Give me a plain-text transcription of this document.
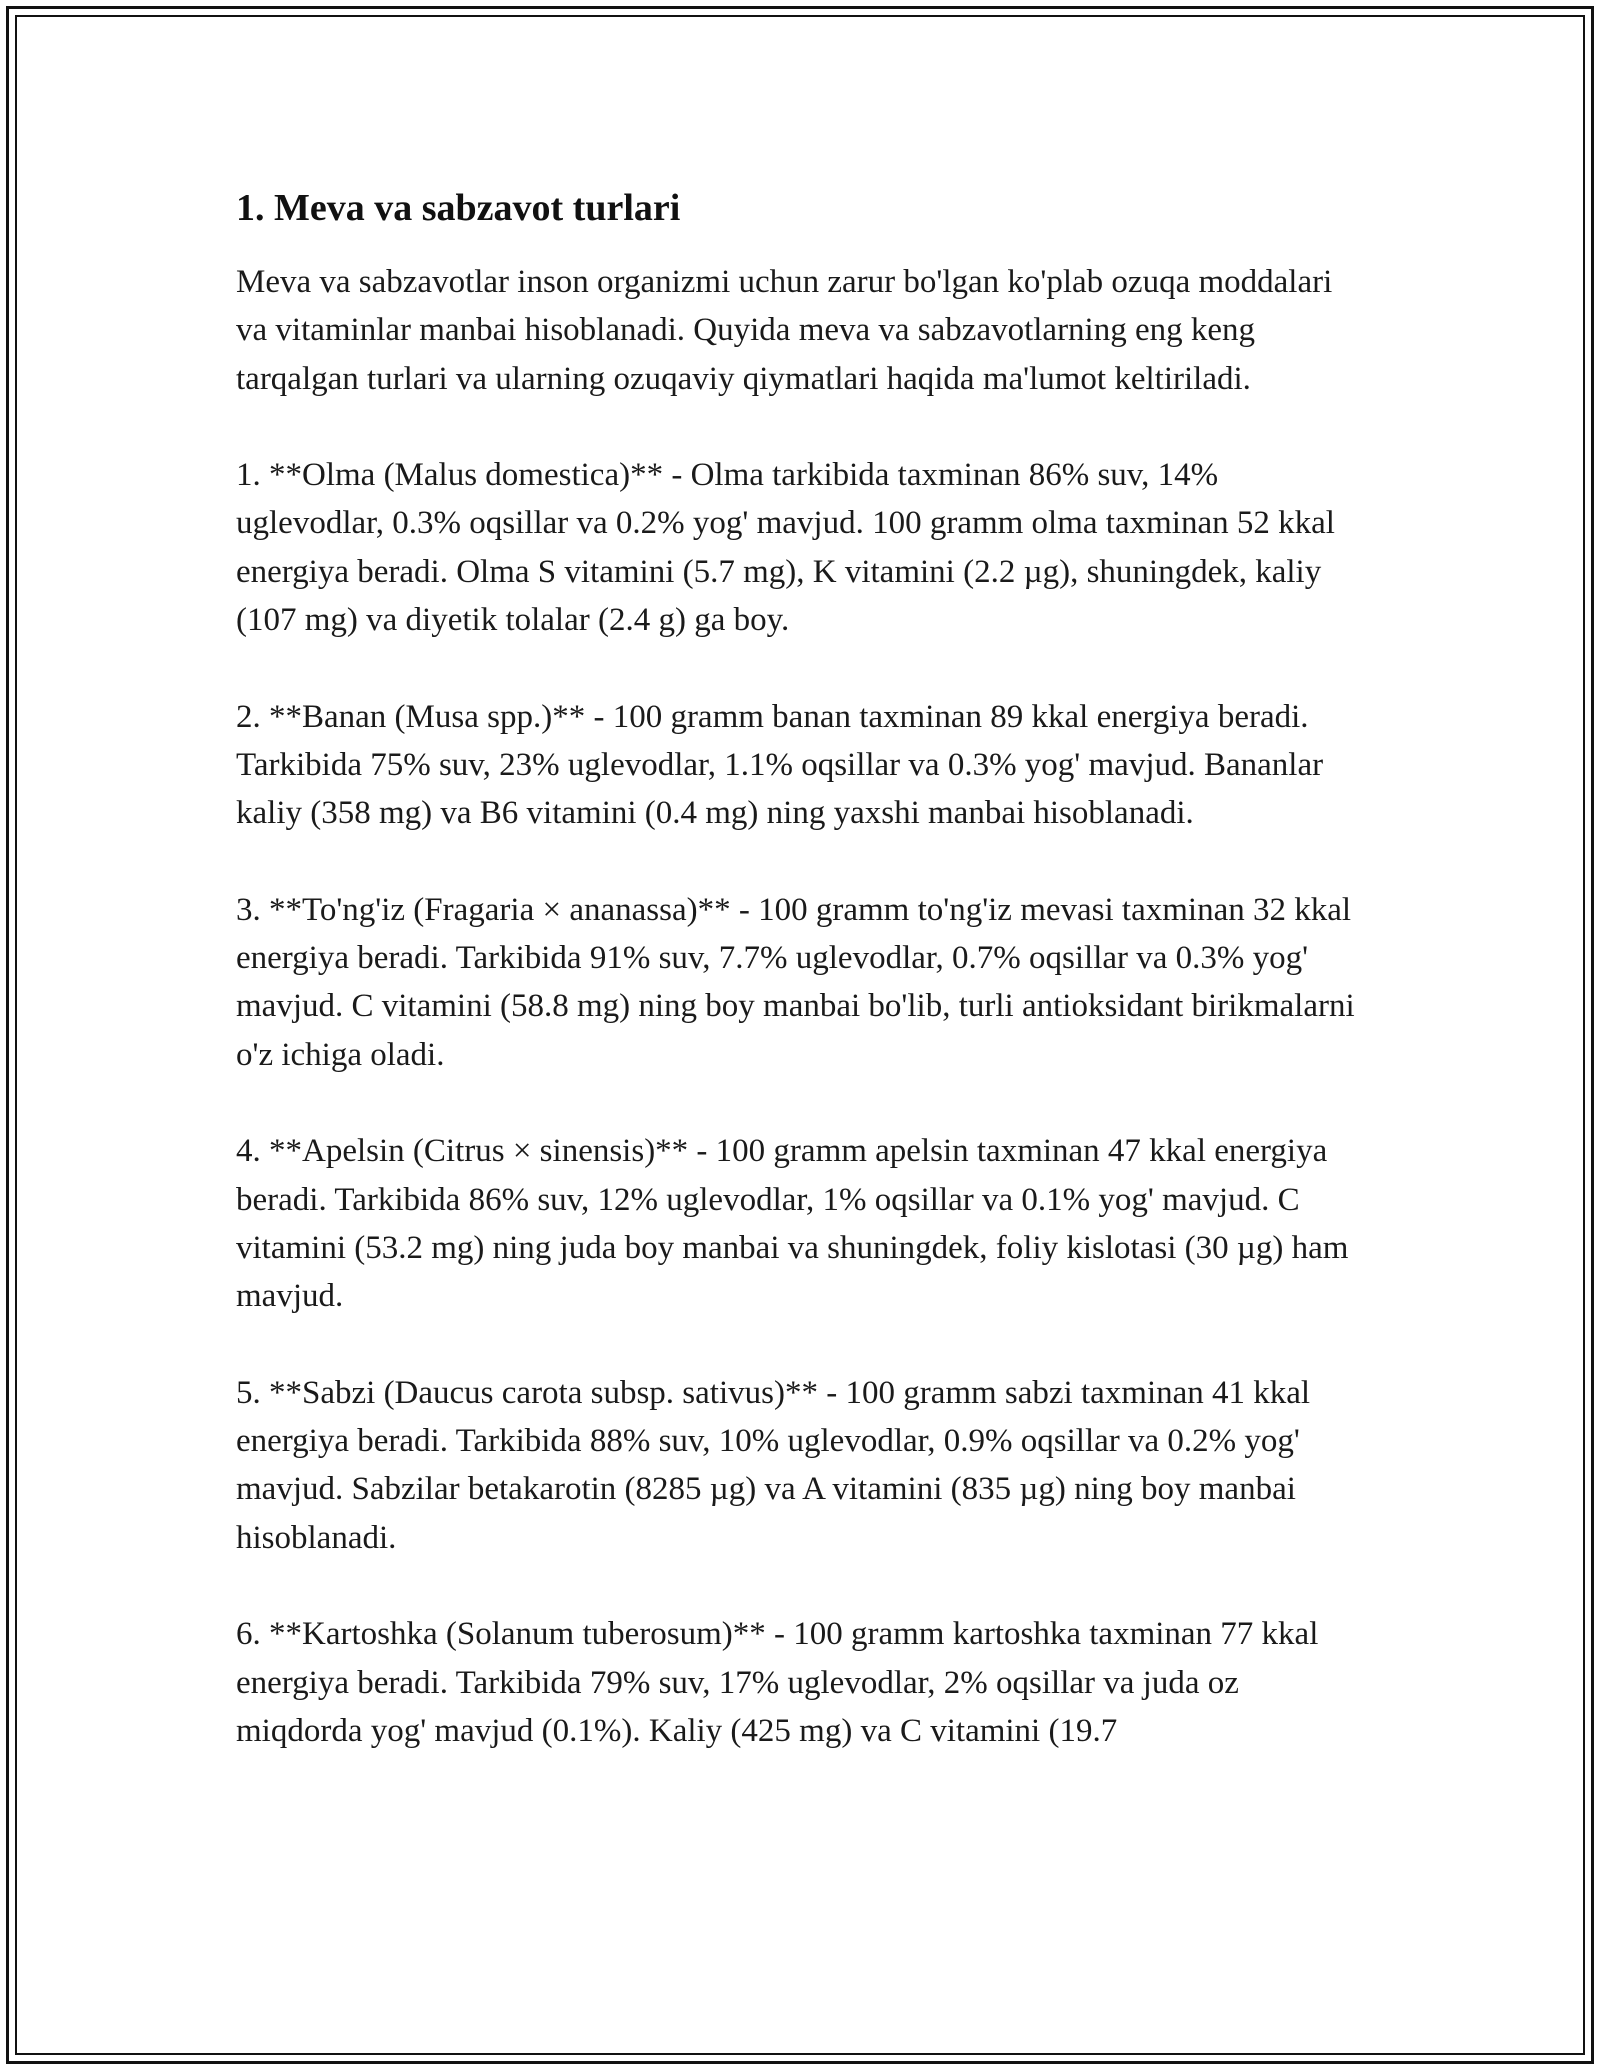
1. Meva va sabzavot turlari

Meva va sabzavotlar inson organizmi uchun zarur bo'lgan ko'plab ozuqa moddalari va vitaminlar manbai hisoblanadi. Quyida meva va sabzavotlarning eng keng tarqalgan turlari va ularning ozuqaviy qiymatlari haqida ma'lumot keltiriladi.

1. **Olma (Malus domestica)** - Olma tarkibida taxminan 86% suv, 14% uglevodlar, 0.3% oqsillar va 0.2% yog' mavjud. 100 gramm olma taxminan 52 kkal energiya beradi. Olma S vitamini (5.7 mg), K vitamini (2.2 µg), shuningdek, kaliy (107 mg) va diyetik tolalar (2.4 g) ga boy.

2. **Banan (Musa spp.)** - 100 gramm banan taxminan 89 kkal energiya beradi. Tarkibida 75% suv, 23% uglevodlar, 1.1% oqsillar va 0.3% yog' mavjud. Bananlar kaliy (358 mg) va B6 vitamini (0.4 mg) ning yaxshi manbai hisoblanadi.

3. **To'ng'iz (Fragaria × ananassa)** - 100 gramm to'ng'iz mevasi taxminan 32 kkal energiya beradi. Tarkibida 91% suv, 7.7% uglevodlar, 0.7% oqsillar va 0.3% yog' mavjud. C vitamini (58.8 mg) ning boy manbai bo'lib, turli antioksidant birikmalarni o'z ichiga oladi.

4. **Apelsin (Citrus × sinensis)** - 100 gramm apelsin taxminan 47 kkal energiya beradi. Tarkibida 86% suv, 12% uglevodlar, 1% oqsillar va 0.1% yog' mavjud. C vitamini (53.2 mg) ning juda boy manbai va shuningdek, foliy kislotasi (30 µg) ham mavjud.

5. **Sabzi (Daucus carota subsp. sativus)** - 100 gramm sabzi taxminan 41 kkal energiya beradi. Tarkibida 88% suv, 10% uglevodlar, 0.9% oqsillar va 0.2% yog' mavjud. Sabzilar betakarotin (8285 µg) va A vitamini (835 µg) ning boy manbai hisoblanadi.

6. **Kartoshka (Solanum tuberosum)** - 100 gramm kartoshka taxminan 77 kkal energiya beradi. Tarkibida 79% suv, 17% uglevodlar, 2% oqsillar va juda oz miqdorda yog' mavjud (0.1%). Kaliy (425 mg) va C vitamini (19.7
